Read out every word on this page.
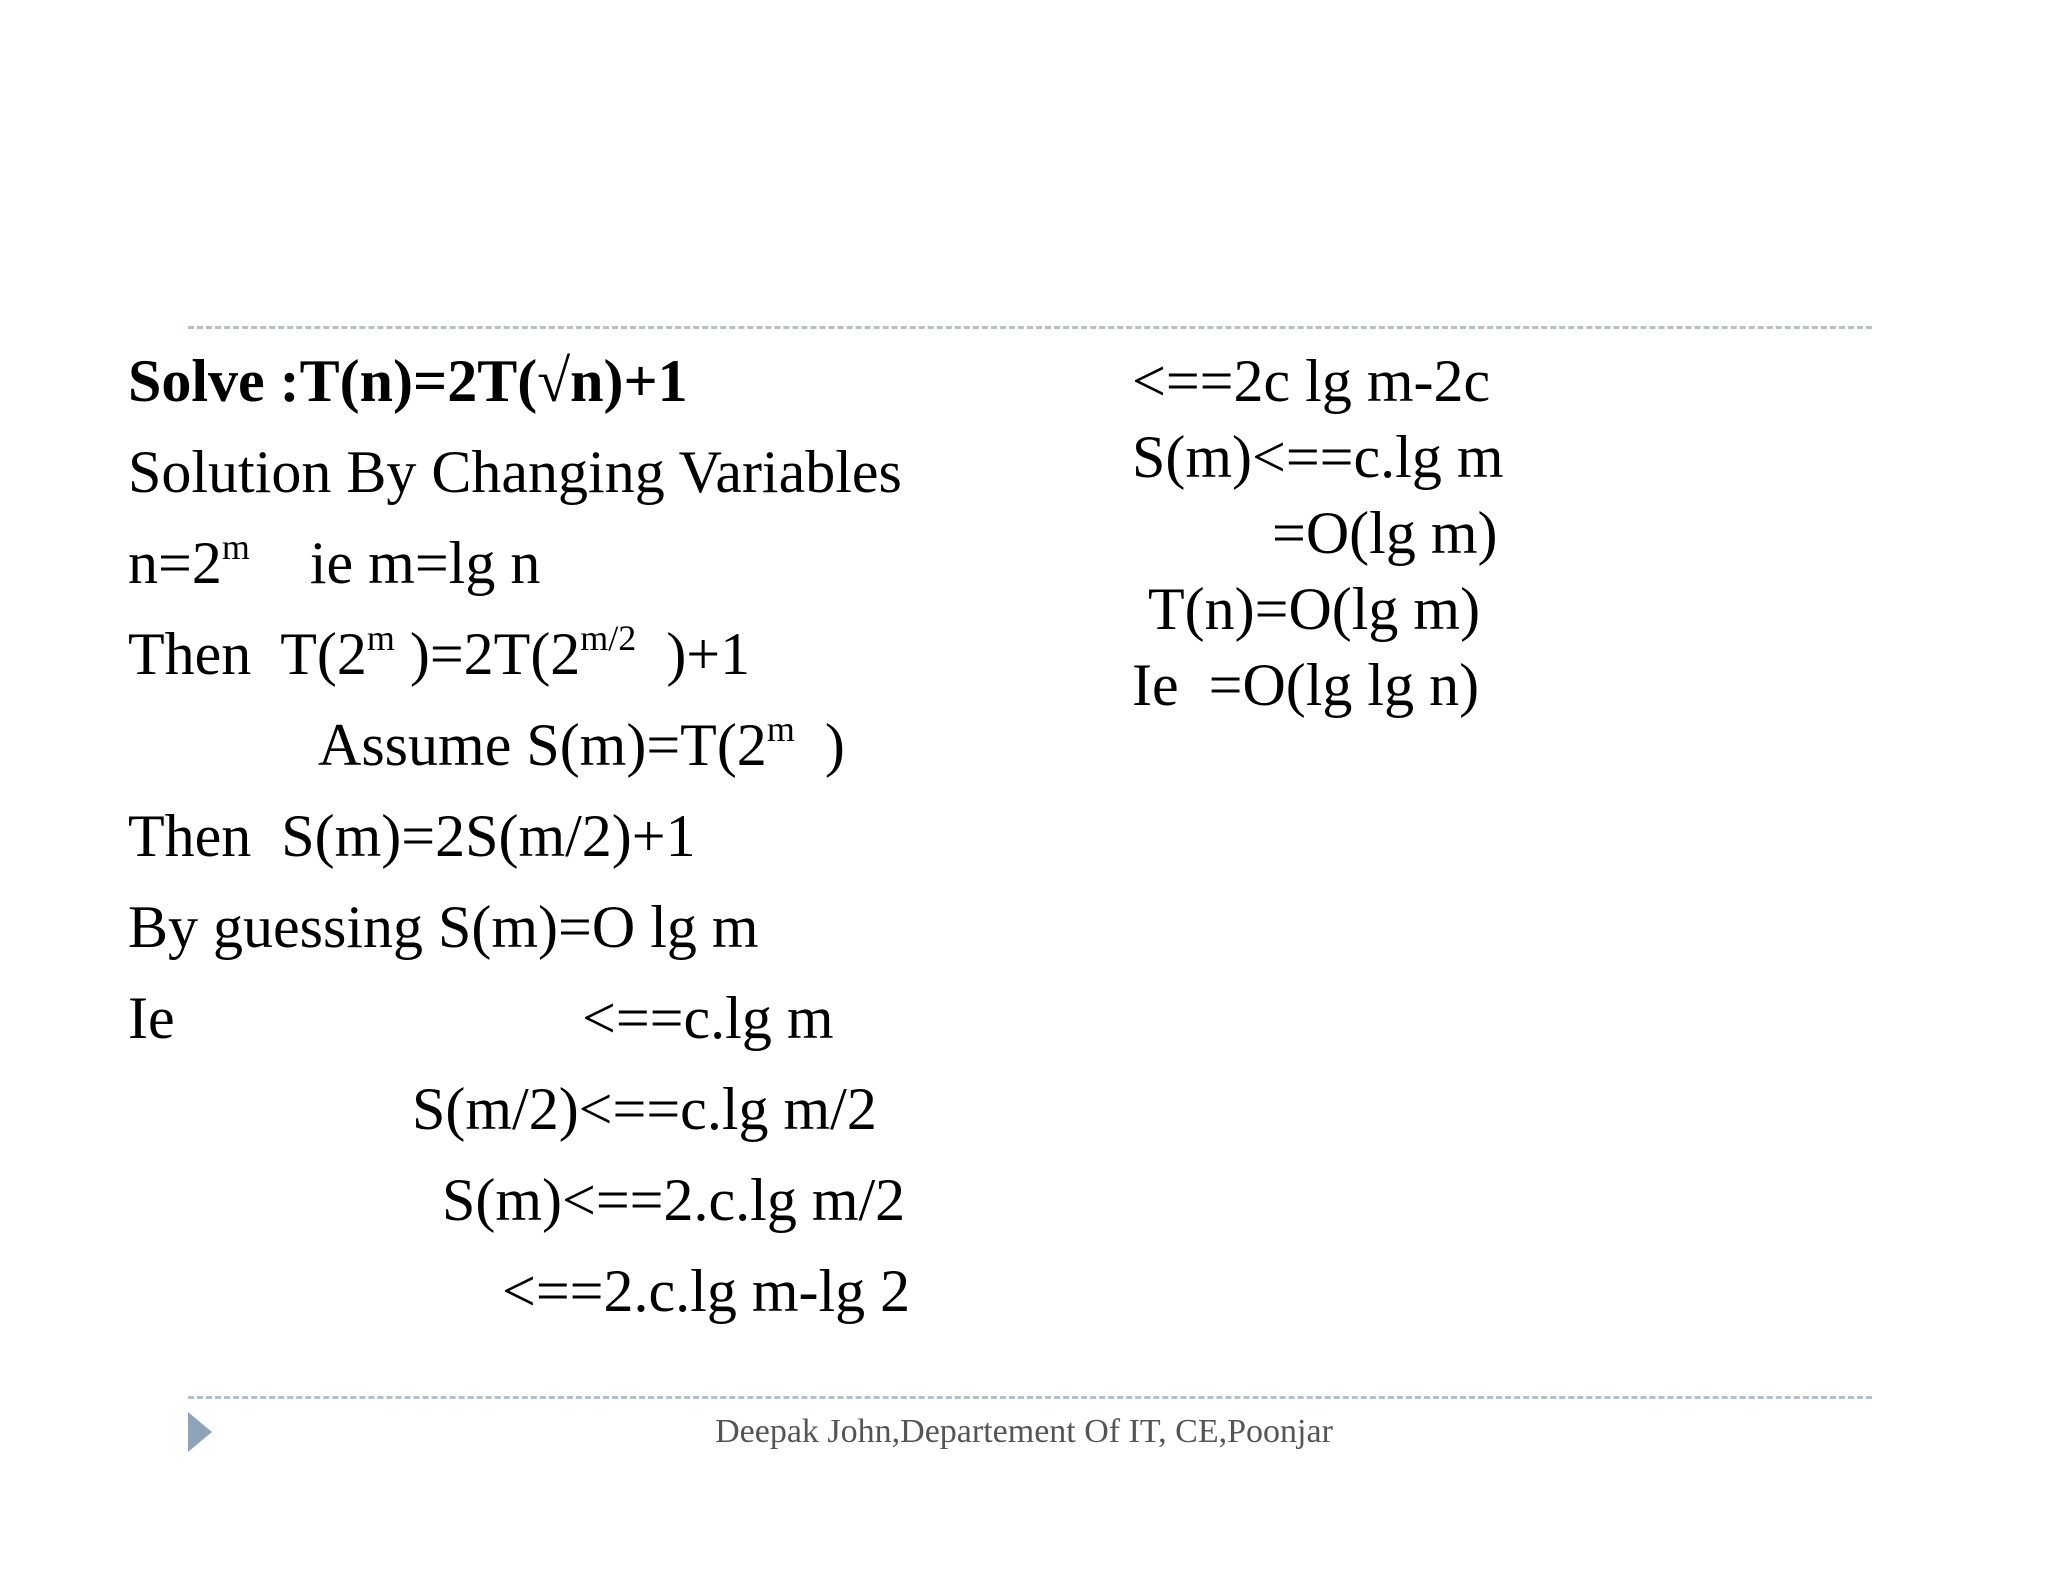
Solve :T(n)=2T(√n)+1
Solution By Changing Variables
$n=2^m$    ie m=lg n
Then  T(2$^m$ )$=2T(2^{m/2}$  )+1
Assume $S(m)=T(2^m$  )
Then  S(m)=2S(m/2)+1
By guessing S(m)=O lg m
Ie	<==c.lg m
S(m/2)<==c.lg m/2
S(m)<==2.c.lg m/2
<==2.c.lg m-lg 2
<==2c lg m-2c
S(m)<==c.lg m
=O(lg m)
T(n)=O(lg m)
Ie  =O(lg lg n)
Deepak John,Departement Of IT, CE,Poonjar
